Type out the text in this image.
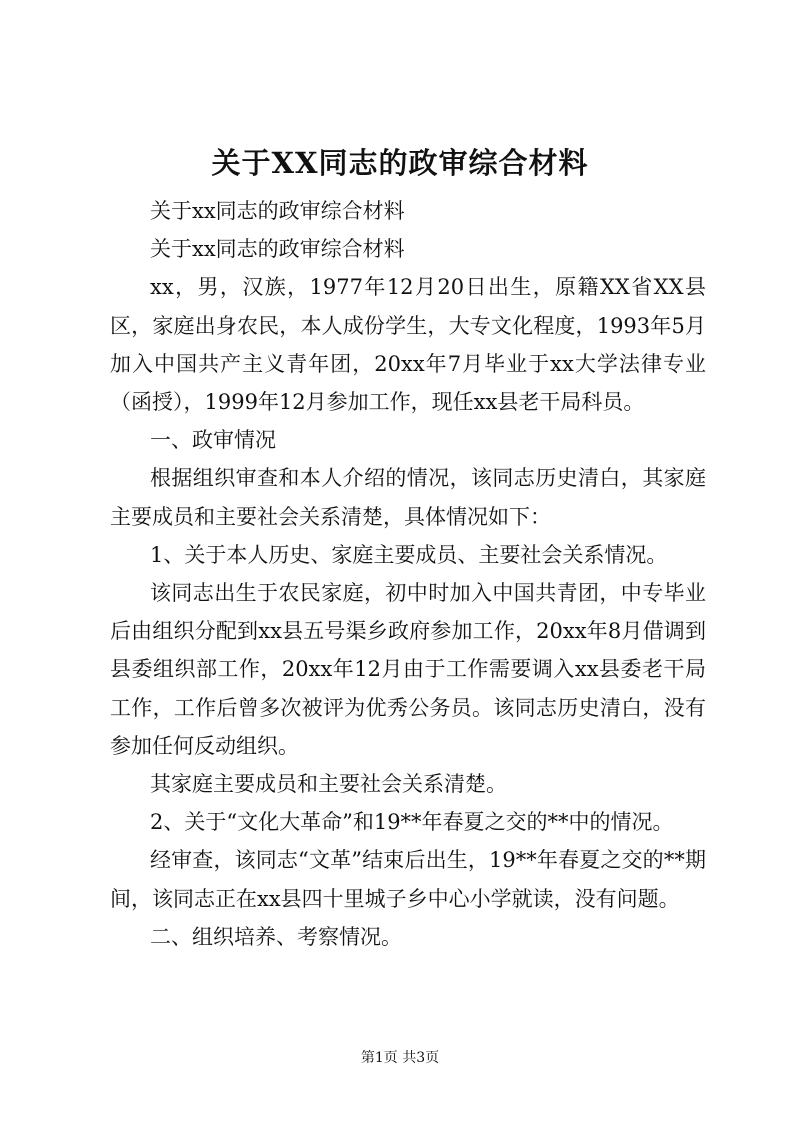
关于XX同志的政审综合材料

关于xx同志的政审综合材料

关于xx同志的政审综合材料

xx，男，汉族，1977年12月20日出生，原籍XX省XX县区，家庭出身农民，本人成份学生，大专文化程度，1993年5月加入中国共产主义青年团，20xx年7月毕业于xx大学法律专业（函授），1999年12月参加工作，现任xx县老干局科员。

一、政审情况

根据组织审查和本人介绍的情况，该同志历史清白，其家庭主要成员和主要社会关系清楚，具体情况如下：

1、关于本人历史、家庭主要成员、主要社会关系情况。

该同志出生于农民家庭，初中时加入中国共青团，中专毕业后由组织分配到xx县五号渠乡政府参加工作，20xx年8月借调到县委组织部工作，20xx年12月由于工作需要调入xx县委老干局工作，工作后曾多次被评为优秀公务员。该同志历史清白，没有参加任何反动组织。

其家庭主要成员和主要社会关系清楚。

2、关于“文化大革命”和19**年春夏之交的**中的情况。

经审查，该同志“文革”结束后出生，19**年春夏之交的**期间，该同志正在xx县四十里城子乡中心小学就读，没有问题。

二、组织培养、考察情况。

第1页 共3页
